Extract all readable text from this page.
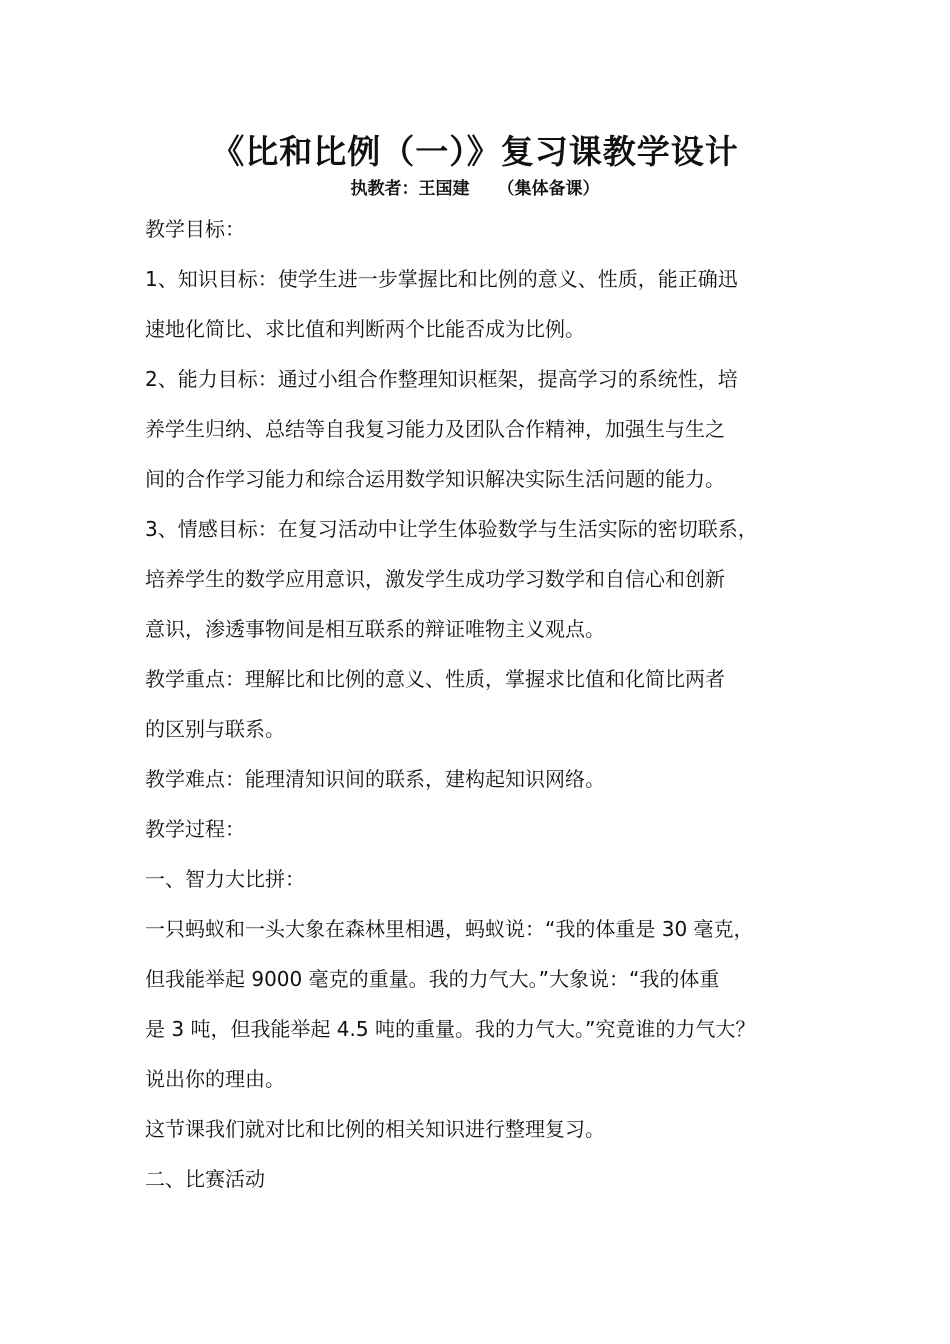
《比和比例（一）》复习课教学设计
执教者：王国建 （集体备课）
教学目标：
1、知识目标：使学生进一步掌握比和比例的意义、性质，能正确迅
速地化简比、求比值和判断两个比能否成为比例。
2、能力目标：通过小组合作整理知识框架，提高学习的系统性，培
养学生归纳、总结等自我复习能力及团队合作精神，加强生与生之
间的合作学习能力和综合运用数学知识解决实际生活问题的能力。
3、情感目标：在复习活动中让学生体验数学与生活实际的密切联系，
培养学生的数学应用意识，激发学生成功学习数学和自信心和创新
意识，渗透事物间是相互联系的辩证唯物主义观点。
教学重点：理解比和比例的意义、性质，掌握求比值和化简比两者
的区别与联系。
教学难点：能理清知识间的联系，建构起知识网络。
教学过程：
一、智力大比拼：
一只蚂蚁和一头大象在森林里相遇，蚂蚁说：“我的体重是 30 毫克，
但我能举起 9000 毫克的重量。我的力气大。”大象说：“我的体重
是 3 吨，但我能举起 4.5 吨的重量。我的力气大。”究竟谁的力气大？
说出你的理由。
这节课我们就对比和比例的相关知识进行整理复习。
二、比赛活动
